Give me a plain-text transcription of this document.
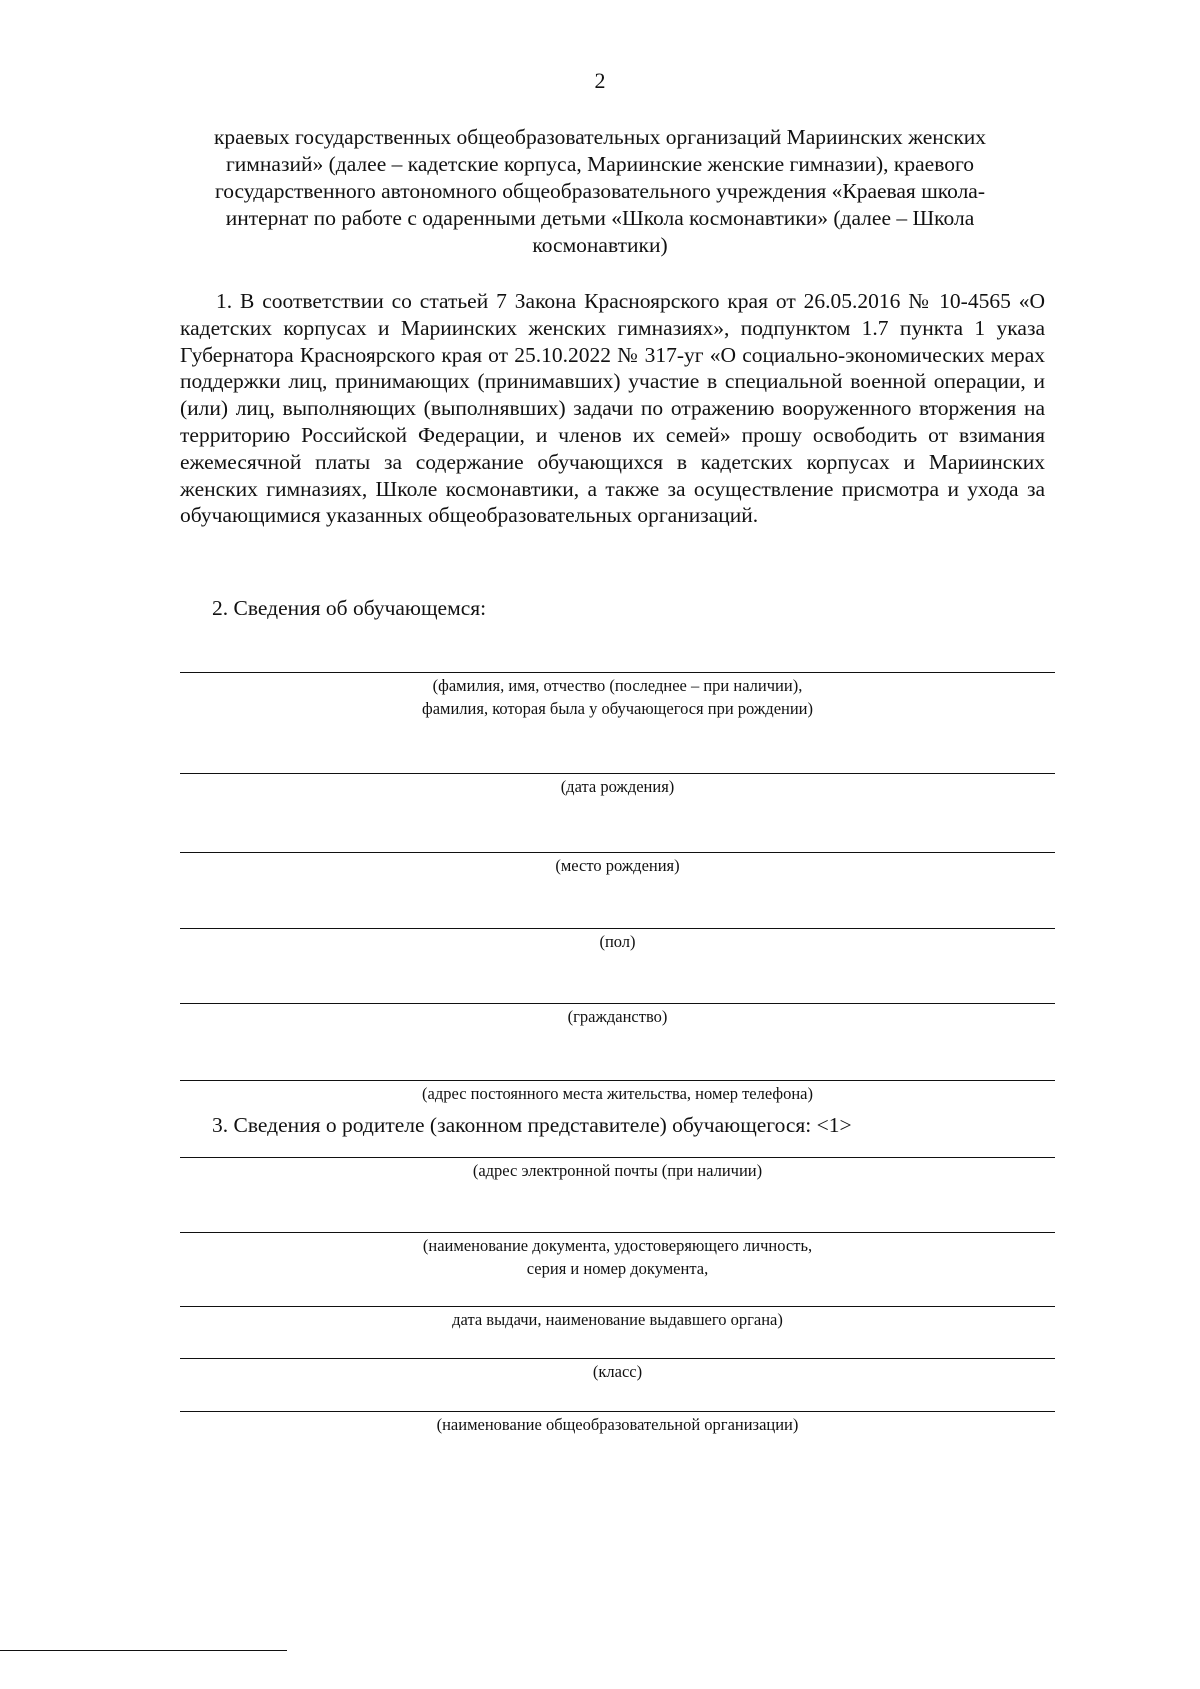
2
краевых государственных общеобразовательных организаций Мариинских женских
гимназий» (далее – кадетские корпуса, Мариинские женские гимназии), краевого
государственного автономного общеобразовательного учреждения «Краевая школа-
интернат по работе с одаренными детьми «Школа космонавтики» (далее – Школа
космонавтики)
1. В соответствии со статьей 7 Закона Красноярского края от 26.05.2016 № 10-4565 «О кадетских корпусах и Мариинских женских гимназиях», подпунктом 1.7 пункта 1 указа Губернатора Красноярского края от 25.10.2022 № 317-уг «О социально-экономических мерах поддержки лиц, принимающих (принимавших) участие в специальной военной операции, и (или) лиц, выполняющих (выполнявших) задачи по отражению вооруженного вторжения на территорию Российской Федерации, и членов их семей» прошу освободить от взимания ежемесячной платы за содержание обучающихся в кадетских корпусах и Мариинских женских гимназиях, Школе космонавтики, а также за осуществление присмотра и ухода за обучающимися указанных общеобразовательных организаций.
2. Сведения об обучающемся:
(фамилия, имя, отчество (последнее – при наличии),
фамилия, которая была у обучающегося при рождении)
(дата рождения)
(место рождения)
(пол)
(гражданство)
(адрес постоянного места жительства, номер телефона)
(адрес электронной почты (при наличии)
(наименование документа, удостоверяющего личность,
серия и номер документа,
дата выдачи, наименование выдавшего органа)
(класс)
(наименование общеобразовательной организации)
3. Сведения о родителе (законном представителе) обучающегося: <1>
